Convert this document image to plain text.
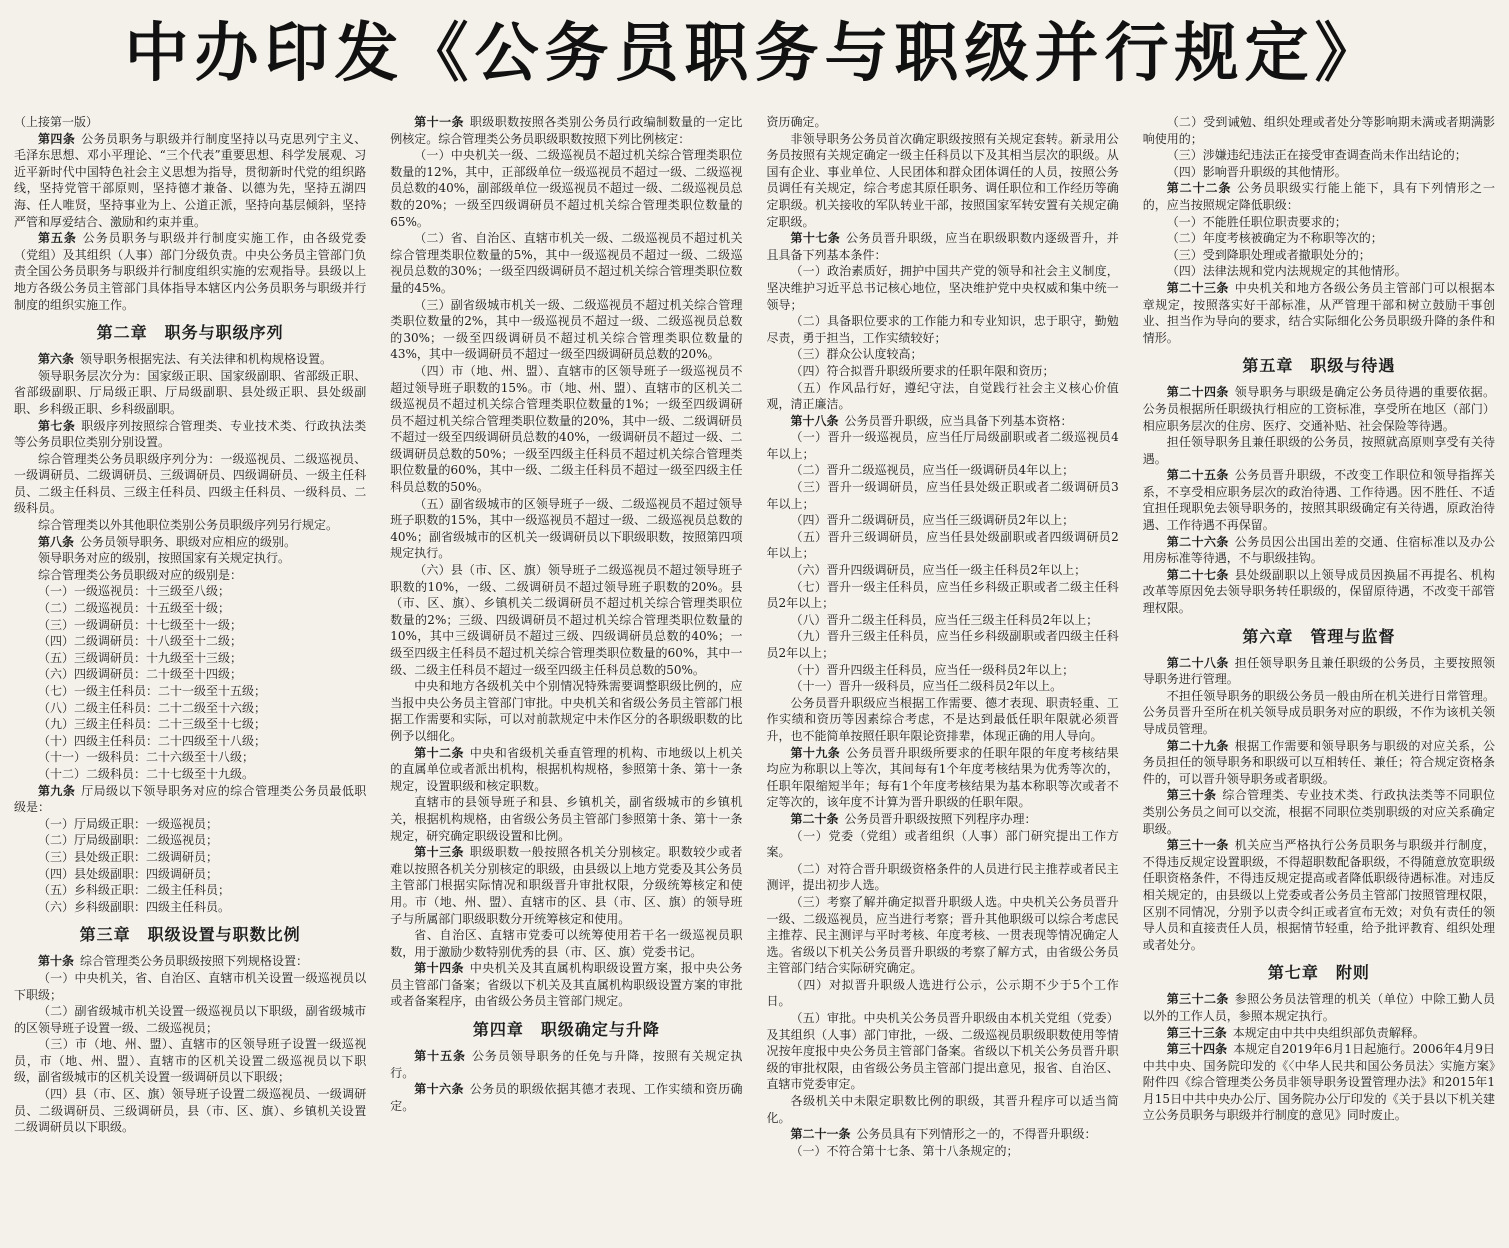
中办印发《公务员职务与职级并行规定》

（上接第一版）

第四条 公务员职务与职级并行制度坚持以马克思列宁主义、毛泽东思想、邓小平理论、“三个代表”重要思想、科学发展观、习近平新时代中国特色社会主义思想为指导，贯彻新时代党的组织路线，坚持党管干部原则，坚持德才兼备、以德为先，坚持五湖四海、任人唯贤，坚持事业为上、公道正派，坚持向基层倾斜，坚持严管和厚爱结合、激励和约束并重。

第五条 公务员职务与职级并行制度实施工作，由各级党委（党组）及其组织（人事）部门分级负责。中央公务员主管部门负责全国公务员职务与职级并行制度组织实施的宏观指导。县级以上地方各级公务员主管部门具体指导本辖区内公务员职务与职级并行制度的组织实施工作。

第二章　职务与职级序列

第六条 领导职务根据宪法、有关法律和机构规格设置。

领导职务层次分为：国家级正职、国家级副职、省部级正职、省部级副职、厅局级正职、厅局级副职、县处级正职、县处级副职、乡科级正职、乡科级副职。

第七条 职级序列按照综合管理类、专业技术类、行政执法类等公务员职位类别分别设置。

综合管理类公务员职级序列分为：一级巡视员、二级巡视员、一级调研员、二级调研员、三级调研员、四级调研员、一级主任科员、二级主任科员、三级主任科员、四级主任科员、一级科员、二级科员。

综合管理类以外其他职位类别公务员职级序列另行规定。

第八条 公务员领导职务、职级对应相应的级别。

领导职务对应的级别，按照国家有关规定执行。

综合管理类公务员职级对应的级别是：

（一）一级巡视员：十三级至八级；

（二）二级巡视员：十五级至十级；

（三）一级调研员：十七级至十一级；

（四）二级调研员：十八级至十二级；

（五）三级调研员：十九级至十三级；

（六）四级调研员：二十级至十四级；

（七）一级主任科员：二十一级至十五级；

（八）二级主任科员：二十二级至十六级；

（九）三级主任科员：二十三级至十七级；

（十）四级主任科员：二十四级至十八级；

（十一）一级科员：二十六级至十八级；

（十二）二级科员：二十七级至十九级。

第九条 厅局级以下领导职务对应的综合管理类公务员最低职级是：

（一）厅局级正职：一级巡视员；

（二）厅局级副职：二级巡视员；

（三）县处级正职：二级调研员；

（四）县处级副职：四级调研员；

（五）乡科级正职：二级主任科员；

（六）乡科级副职：四级主任科员。

第三章　职级设置与职数比例

第十条 综合管理类公务员职级按照下列规格设置：

（一）中央机关，省、自治区、直辖市机关设置一级巡视员以下职级；

（二）副省级城市机关设置一级巡视员以下职级，副省级城市的区领导班子设置一级、二级巡视员；

（三）市（地、州、盟）、直辖市的区领导班子设置一级巡视员，市（地、州、盟）、直辖市的区机关设置二级巡视员以下职级，副省级城市的区机关设置一级调研员以下职级；

（四）县（市、区、旗）领导班子设置二级巡视员、一级调研员、二级调研员、三级调研员，县（市、区、旗）、乡镇机关设置二级调研员以下职级。

第十一条 职级职数按照各类别公务员行政编制数量的一定比例核定。综合管理类公务员职级职数按照下列比例核定：

（一）中央机关一级、二级巡视员不超过机关综合管理类职位数量的12%，其中，正部级单位一级巡视员不超过一级、二级巡视员总数的40%，副部级单位一级巡视员不超过一级、二级巡视员总数的20%；一级至四级调研员不超过机关综合管理类职位数量的65%。

（二）省、自治区、直辖市机关一级、二级巡视员不超过机关综合管理类职位数量的5%，其中一级巡视员不超过一级、二级巡视员总数的30%；一级至四级调研员不超过机关综合管理类职位数量的45%。

（三）副省级城市机关一级、二级巡视员不超过机关综合管理类职位数量的2%，其中一级巡视员不超过一级、二级巡视员总数的30%；一级至四级调研员不超过机关综合管理类职位数量的43%，其中一级调研员不超过一级至四级调研员总数的20%。

（四）市（地、州、盟）、直辖市的区领导班子一级巡视员不超过领导班子职数的15%。市（地、州、盟）、直辖市的区机关二级巡视员不超过机关综合管理类职位数量的1%；一级至四级调研员不超过机关综合管理类职位数量的20%，其中一级、二级调研员不超过一级至四级调研员总数的40%，一级调研员不超过一级、二级调研员总数的50%；一级至四级主任科员不超过机关综合管理类职位数量的60%，其中一级、二级主任科员不超过一级至四级主任科员总数的50%。

（五）副省级城市的区领导班子一级、二级巡视员不超过领导班子职数的15%，其中一级巡视员不超过一级、二级巡视员总数的40%；副省级城市的区机关一级调研员以下职级职数，按照第四项规定执行。

（六）县（市、区、旗）领导班子二级巡视员不超过领导班子职数的10%，一级、二级调研员不超过领导班子职数的20%。县（市、区、旗）、乡镇机关二级调研员不超过机关综合管理类职位数量的2%；三级、四级调研员不超过机关综合管理类职位数量的10%，其中三级调研员不超过三级、四级调研员总数的40%；一级至四级主任科员不超过机关综合管理类职位数量的60%，其中一级、二级主任科员不超过一级至四级主任科员总数的50%。

中央和地方各级机关中个别情况特殊需要调整职级比例的，应当报中央公务员主管部门审批。中央机关和省级公务员主管部门根据工作需要和实际，可以对前款规定中未作区分的各职级职数的比例予以细化。

第十二条 中央和省级机关垂直管理的机构、市地级以上机关的直属单位或者派出机构，根据机构规格，参照第十条、第十一条规定，设置职级和核定职数。

直辖市的县领导班子和县、乡镇机关，副省级城市的乡镇机关，根据机构规格，由省级公务员主管部门参照第十条、第十一条规定，研究确定职级设置和比例。

第十三条 职级职数一般按照各机关分别核定。职数较少或者难以按照各机关分别核定的职级，由县级以上地方党委及其公务员主管部门根据实际情况和职级晋升审批权限，分级统筹核定和使用。市（地、州、盟）、直辖市的区、县（市、区、旗）的领导班子与所属部门职级职数分开统筹核定和使用。

省、自治区、直辖市党委可以统筹使用若干名一级巡视员职数，用于激励少数特别优秀的县（市、区、旗）党委书记。

第十四条 中央机关及其直属机构职级设置方案，报中央公务员主管部门备案；省级以下机关及其直属机构职级设置方案的审批或者备案程序，由省级公务员主管部门规定。

第四章　职级确定与升降

第十五条 公务员领导职务的任免与升降，按照有关规定执行。

第十六条 公务员的职级依据其德才表现、工作实绩和资历确定。

资历确定。

非领导职务公务员首次确定职级按照有关规定套转。新录用公务员按照有关规定确定一级主任科员以下及其相当层次的职级。从国有企业、事业单位、人民团体和群众团体调任的人员，按照公务员调任有关规定，综合考虑其原任职务、调任职位和工作经历等确定职级。机关接收的军队转业干部，按照国家军转安置有关规定确定职级。

第十七条 公务员晋升职级，应当在职级职数内逐级晋升，并且具备下列基本条件：

（一）政治素质好，拥护中国共产党的领导和社会主义制度，坚决维护习近平总书记核心地位，坚决维护党中央权威和集中统一领导；

（二）具备职位要求的工作能力和专业知识，忠于职守，勤勉尽责，勇于担当，工作实绩较好；

（三）群众公认度较高；

（四）符合拟晋升职级所要求的任职年限和资历；

（五）作风品行好，遵纪守法，自觉践行社会主义核心价值观，清正廉洁。

第十八条 公务员晋升职级，应当具备下列基本资格：

（一）晋升一级巡视员，应当任厅局级副职或者二级巡视员4年以上；

（二）晋升二级巡视员，应当任一级调研员4年以上；

（三）晋升一级调研员，应当任县处级正职或者二级调研员3年以上；

（四）晋升二级调研员，应当任三级调研员2年以上；

（五）晋升三级调研员，应当任县处级副职或者四级调研员2年以上；

（六）晋升四级调研员，应当任一级主任科员2年以上；

（七）晋升一级主任科员，应当任乡科级正职或者二级主任科员2年以上；

（八）晋升二级主任科员，应当任三级主任科员2年以上；

（九）晋升三级主任科员，应当任乡科级副职或者四级主任科员2年以上；

（十）晋升四级主任科员，应当任一级科员2年以上；

（十一）晋升一级科员，应当任二级科员2年以上。

公务员晋升职级应当根据工作需要、德才表现、职责轻重、工作实绩和资历等因素综合考虑，不是达到最低任职年限就必须晋升，也不能简单按照任职年限论资排辈，体现正确的用人导向。

第十九条 公务员晋升职级所要求的任职年限的年度考核结果均应为称职以上等次，其间每有1个年度考核结果为优秀等次的，任职年限缩短半年；每有1个年度考核结果为基本称职等次或者不定等次的，该年度不计算为晋升职级的任职年限。

第二十条 公务员晋升职级按照下列程序办理：

（一）党委（党组）或者组织（人事）部门研究提出工作方案。

（二）对符合晋升职级资格条件的人员进行民主推荐或者民主测评，提出初步人选。

（三）考察了解并确定拟晋升职级人选。中央机关公务员晋升一级、二级巡视员，应当进行考察；晋升其他职级可以综合考虑民主推荐、民主测评与平时考核、年度考核、一贯表现等情况确定人选。省级以下机关公务员晋升职级的考察了解方式，由省级公务员主管部门结合实际研究确定。

（四）对拟晋升职级人选进行公示，公示期不少于5个工作日。

（五）审批。中央机关公务员晋升职级由本机关党组（党委）及其组织（人事）部门审批，一级、二级巡视员职级职数使用等情况按年度报中央公务员主管部门备案。省级以下机关公务员晋升职级的审批权限，由省级公务员主管部门提出意见，报省、自治区、直辖市党委审定。

各级机关中未限定职数比例的职级，其晋升程序可以适当简化。

第二十一条 公务员具有下列情形之一的，不得晋升职级：

（一）不符合第十七条、第十八条规定的；

（二）受到诫勉、组织处理或者处分等影响期未满或者期满影响使用的；

（三）涉嫌违纪违法正在接受审查调查尚未作出结论的；

（四）影响晋升职级的其他情形。

第二十二条 公务员职级实行能上能下，具有下列情形之一的，应当按照规定降低职级：

（一）不能胜任职位职责要求的；

（二）年度考核被确定为不称职等次的；

（三）受到降职处理或者撤职处分的；

（四）法律法规和党内法规规定的其他情形。

第二十三条 中央机关和地方各级公务员主管部门可以根据本章规定，按照落实好干部标准，从严管理干部和树立鼓励干事创业、担当作为导向的要求，结合实际细化公务员职级升降的条件和情形。

第五章　职级与待遇

第二十四条 领导职务与职级是确定公务员待遇的重要依据。公务员根据所任职级执行相应的工资标准，享受所在地区（部门）相应职务层次的住房、医疗、交通补贴、社会保险等待遇。

担任领导职务且兼任职级的公务员，按照就高原则享受有关待遇。

第二十五条 公务员晋升职级，不改变工作职位和领导指挥关系，不享受相应职务层次的政治待遇、工作待遇。因不胜任、不适宜担任现职免去领导职务的，按照其职级确定有关待遇，原政治待遇、工作待遇不再保留。

第二十六条 公务员因公出国出差的交通、住宿标准以及办公用房标准等待遇，不与职级挂钩。

第二十七条 县处级副职以上领导成员因换届不再提名、机构改革等原因免去领导职务转任职级的，保留原待遇，不改变干部管理权限。

第六章　管理与监督

第二十八条 担任领导职务且兼任职级的公务员，主要按照领导职务进行管理。

不担任领导职务的职级公务员一般由所在机关进行日常管理。公务员晋升至所在机关领导成员职务对应的职级，不作为该机关领导成员管理。

第二十九条 根据工作需要和领导职务与职级的对应关系，公务员担任的领导职务和职级可以互相转任、兼任；符合规定资格条件的，可以晋升领导职务或者职级。

第三十条 综合管理类、专业技术类、行政执法类等不同职位类别公务员之间可以交流，根据不同职位类别职级的对应关系确定职级。

第三十一条 机关应当严格执行公务员职务与职级并行制度，不得违反规定设置职级，不得超职数配备职级，不得随意放宽职级任职资格条件，不得违反规定提高或者降低职级待遇标准。对违反相关规定的，由县级以上党委或者公务员主管部门按照管理权限，区别不同情况，分别予以责令纠正或者宣布无效；对负有责任的领导人员和直接责任人员，根据情节轻重，给予批评教育、组织处理或者处分。

第七章　附则

第三十二条 参照公务员法管理的机关（单位）中除工勤人员以外的工作人员，参照本规定执行。

第三十三条 本规定由中共中央组织部负责解释。

第三十四条 本规定自2019年6月1日起施行。2006年4月9日中共中央、国务院印发的《〈中华人民共和国公务员法〉实施方案》附件四《综合管理类公务员非领导职务设置管理办法》和2015年1月15日中共中央办公厅、国务院办公厅印发的《关于县以下机关建立公务员职务与职级并行制度的意见》同时废止。
